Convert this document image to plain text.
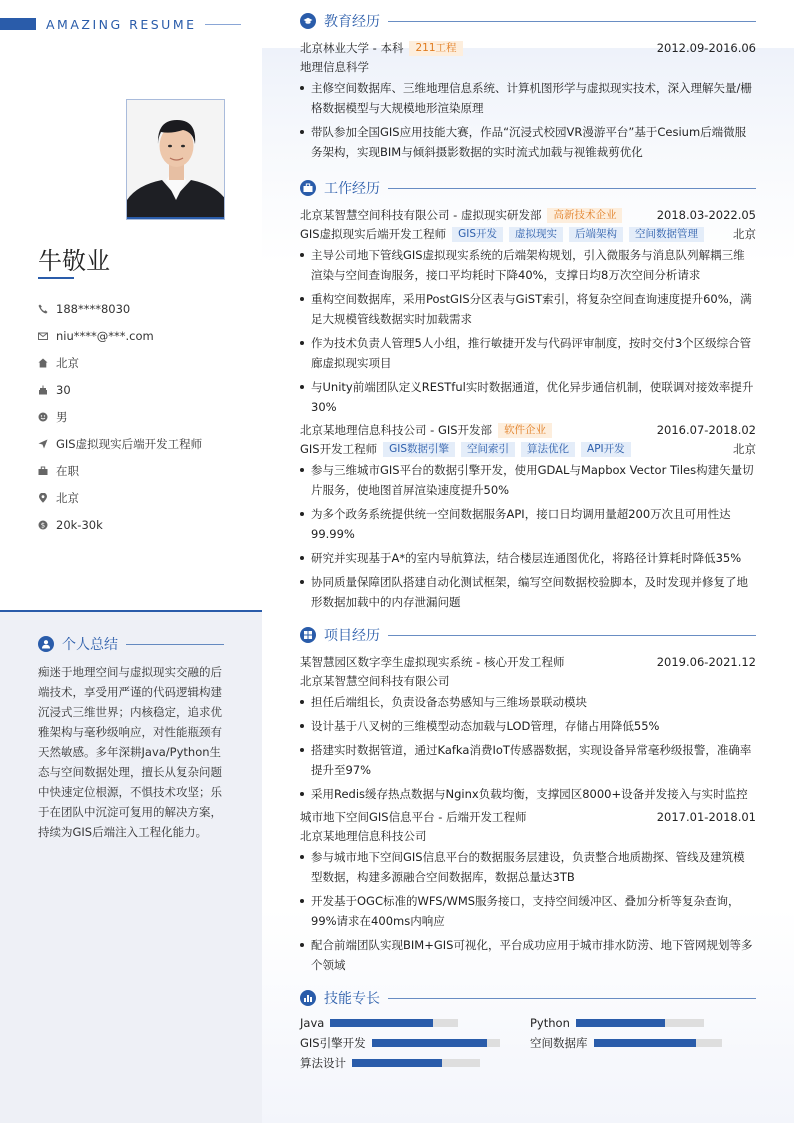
AMAZING RESUME
牛敬业
188****8030
niu****@***.com
北京
30
男
GIS虚拟现实后端开发工程师
在职
北京
$ 20k-30k
个人总结
痴迷于地理空间与虚拟现实交融的后端技术，享受用严谨的代码逻辑构建沉浸式三维世界；内核稳定，追求优雅架构与毫秒级响应，对性能瓶颈有天然敏感。多年深耕Java/Python生态与空间数据处理，擅长从复杂问题中快速定位根源，不惧技术攻坚；乐于在团队中沉淀可复用的解决方案，持续为GIS后端注入工程化能力。
教育经历
北京林业大学 - 本科	211工程	2012.09-2016.06
地理信息科学
主修空间数据库、三维地理信息系统、计算机图形学与虚拟现实技术，深入理解矢量/栅格数据模型与大规模地形渲染原理
带队参加全国GIS应用技能大赛，作品“沉浸式校园VR漫游平台”基于Cesium后端微服务架构，实现BIM与倾斜摄影数据的实时流式加载与视锥裁剪优化
工作经历
北京某智慧空间科技有限公司 - 虚拟现实研发部	高新技术企业	2018.03-2022.05
GIS虚拟现实后端开发工程师	GIS开发	虚拟现实	后端架构	空间数据管理	北京
主导公司地下管线GIS虚拟现实系统的后端架构规划，引入微服务与消息队列解耦三维渲染与空间查询服务，接口平均耗时下降40%，支撑日均8万次空间分析请求
重构空间数据库，采用PostGIS分区表与GiST索引，将复杂空间查询速度提升60%，满足大规模管线数据实时加载需求
作为技术负责人管理5人小组，推行敏捷开发与代码评审制度，按时交付3个区级综合管廊虚拟现实项目
与Unity前端团队定义RESTful实时数据通道，优化异步通信机制，使联调对接效率提升30%
北京某地理信息科技公司 - GIS开发部	软件企业	2016.07-2018.02
GIS开发工程师	GIS数据引擎	空间索引	算法优化	API开发	北京
参与三维城市GIS平台的数据引擎开发，使用GDAL与Mapbox Vector Tiles构建矢量切片服务，使地图首屏渲染速度提升50%
为多个政务系统提供统一空间数据服务API，接口日均调用量超200万次且可用性达99.99%
研究并实现基于A*的室内导航算法，结合楼层连通图优化，将路径计算耗时降低35%
协同质量保障团队搭建自动化测试框架，编写空间数据校验脚本，及时发现并修复了地形数据加载中的内存泄漏问题
项目经历
某智慧园区数字孪生虚拟现实系统 - 核心开发工程师	2019.06-2021.12
北京某智慧空间科技有限公司
担任后端组长，负责设备态势感知与三维场景联动模块
设计基于八叉树的三维模型动态加载与LOD管理，存储占用降低55%
搭建实时数据管道，通过Kafka消费IoT传感器数据，实现设备异常毫秒级报警，准确率提升至97%
采用Redis缓存热点数据与Nginx负载均衡，支撑园区8000+设备并发接入与实时监控
城市地下空间GIS信息平台 - 后端开发工程师	2017.01-2018.01
北京某地理信息科技公司
参与城市地下空间GIS信息平台的数据服务层建设，负责整合地质勘探、管线及建筑模型数据，构建多源融合空间数据库，数据总量达3TB
开发基于OGC标准的WFS/WMS服务接口，支持空间缓冲区、叠加分析等复杂查询，99%请求在400ms内响应
配合前端团队实现BIM+GIS可视化，平台成功应用于城市排水防涝、地下管网规划等多个领域
技能专长
Java	Python
GIS引擎开发	空间数据库
算法设计
